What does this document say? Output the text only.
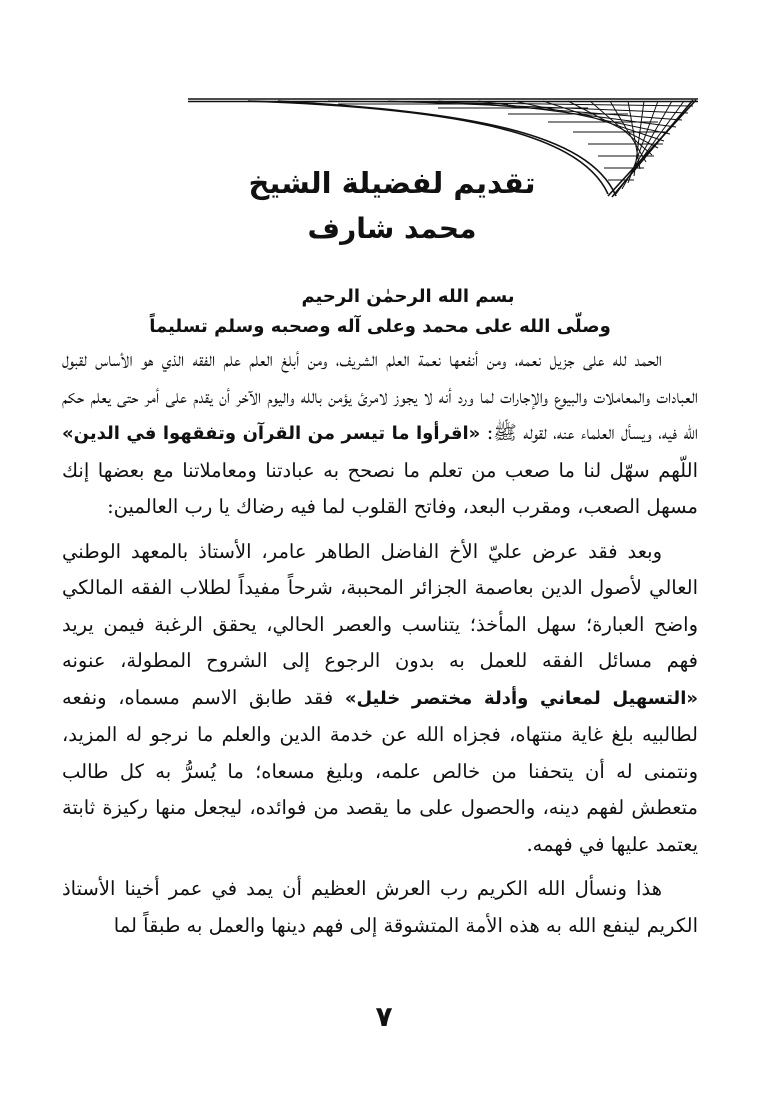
تقديم لفضيلة الشيخ
محمد شارف
بسم الله الرحمٰن الرحيم
وصلّى الله على محمد وعلى آله وصحبه وسلم تسليماً

الحمد لله على جزيل نعمه، ومن أنفعها نعمة العلم الشريف، ومن أبلغ العلم علم الفقه الذي هو الأساس لقبول العبادات والمعاملات والبيوع والإجارات لما ورد أنه لا يجوز لامرئ يؤمن بالله واليوم الآخر أن يقدم على أمر حتى يعلم حكم الله فيه، ويسأل العلماء عنه، لقوله ﷺ: «اقرأوا ما تيسر من القرآن وتفقهوا في الدين» اللّهم سهّل لنا ما صعب من تعلم ما نصحح به عبادتنا ومعاملاتنا مع بعضها إنك مسهل الصعب، ومقرب البعد، وفاتح القلوب لما فيه رضاك يا رب العالمين:

وبعد فقد عرض عليّ الأخ الفاضل الطاهر عامر، الأستاذ بالمعهد الوطني العالي لأصول الدين بعاصمة الجزائر المحببة، شرحاً مفيداً لطلاب الفقه المالكي واضح العبارة؛ سهل المأخذ؛ يتناسب والعصر الحالي، يحقق الرغبة فيمن يريد فهم مسائل الفقه للعمل به بدون الرجوع إلى الشروح المطولة، عنونه «التسهيل لمعاني وأدلة مختصر خليل» فقد طابق الاسم مسماه، ونفعه لطالبيه بلغ غاية منتهاه، فجزاه الله عن خدمة الدين والعلم ما نرجو له المزيد، ونتمنى له أن يتحفنا من خالص علمه، وبليغ مسعاه؛ ما يُسرُّ به كل طالب متعطش لفهم دينه، والحصول على ما يقصد من فوائده، ليجعل منها ركيزة ثابتة يعتمد عليها في فهمه.

هذا ونسأل الله الكريم رب العرش العظيم أن يمد في عمر أخينا الأستاذ الكريم لينفع الله به هذه الأمة المتشوقة إلى فهم دينها والعمل به طبقاً لما

٧
